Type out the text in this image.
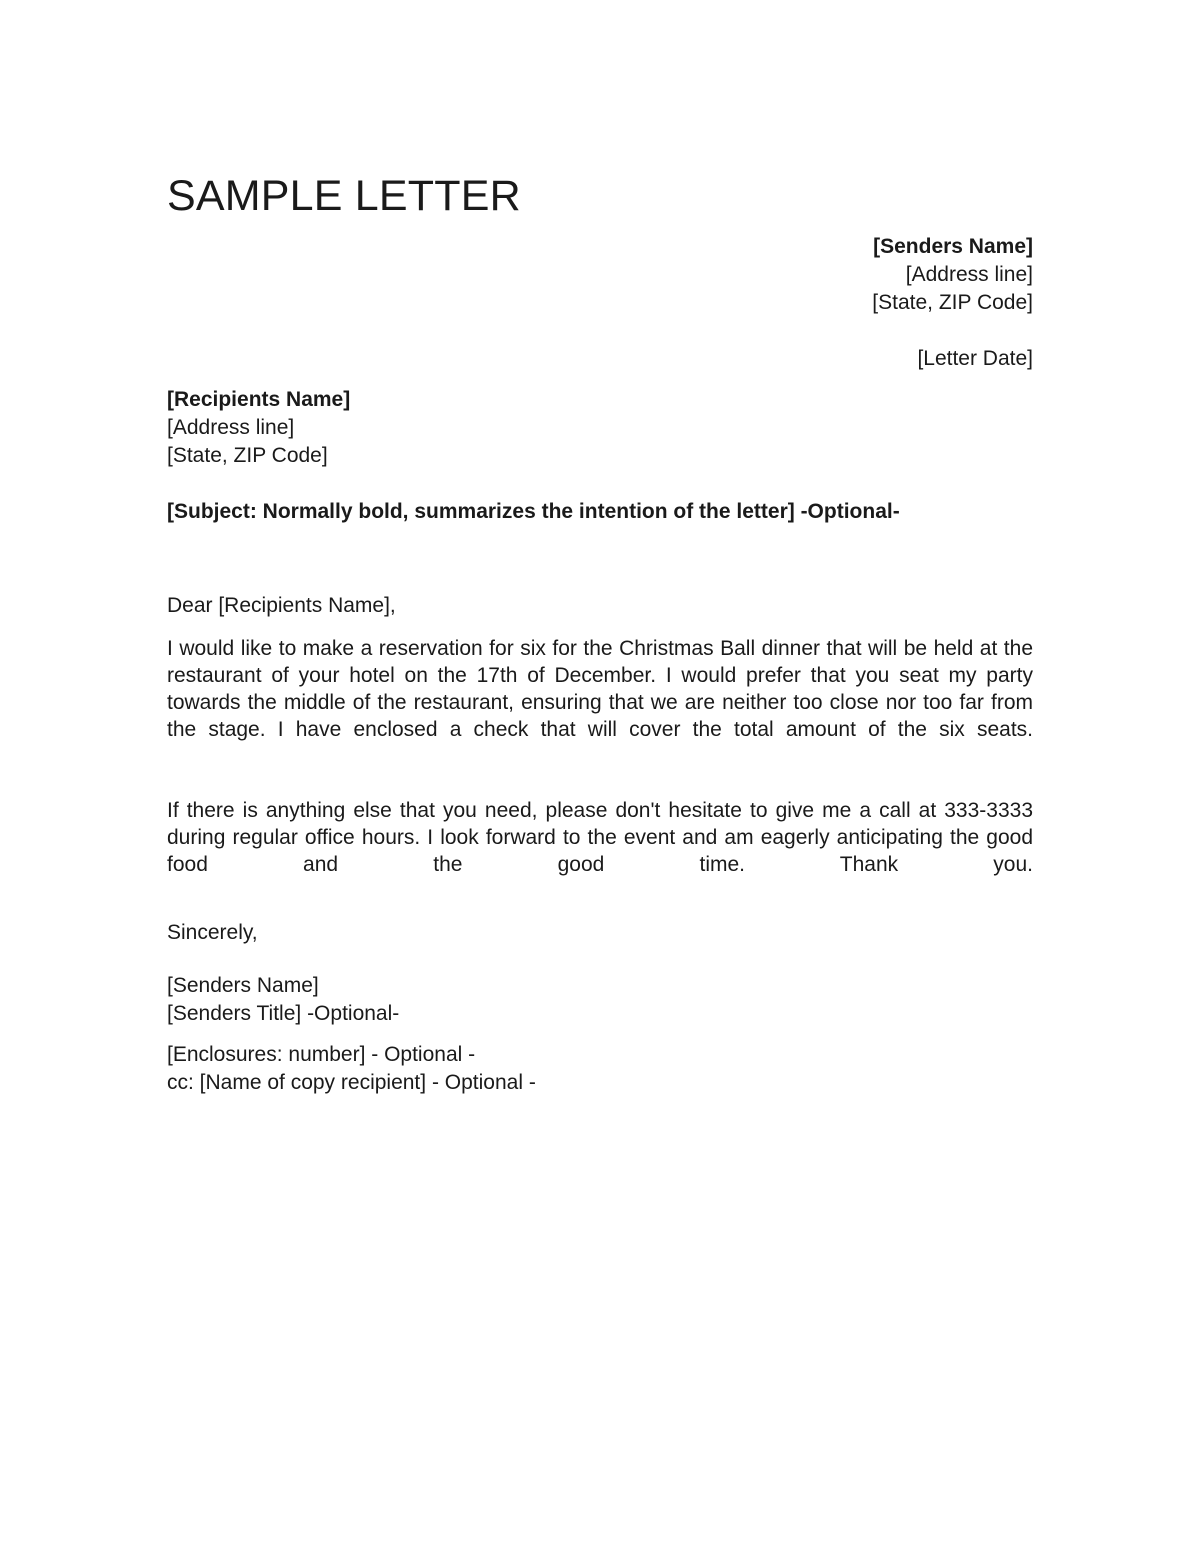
SAMPLE LETTER
[Senders Name]
[Address line]
[State, ZIP Code]
[Letter Date]
[Recipients Name]
[Address line]
[State, ZIP Code]
[Subject: Normally bold, summarizes the intention of the letter] -Optional-
Dear [Recipients Name],
I would like to make a reservation for six for the Christmas Ball dinner that will be held at the restaurant of your hotel on the 17th of December. I would prefer that you seat my party towards the middle of the restaurant, ensuring that we are neither too close nor too far from the stage. I have enclosed a check that will cover the total amount of the six seats.
If there is anything else that you need, please don't hesitate to give me a call at 333-3333 during regular office hours. I look forward to the event and am eagerly anticipating the good food and the good time. Thank you.
Sincerely,
[Senders Name]
[Senders Title] -Optional-
[Enclosures: number] - Optional -
cc: [Name of copy recipient] - Optional -
